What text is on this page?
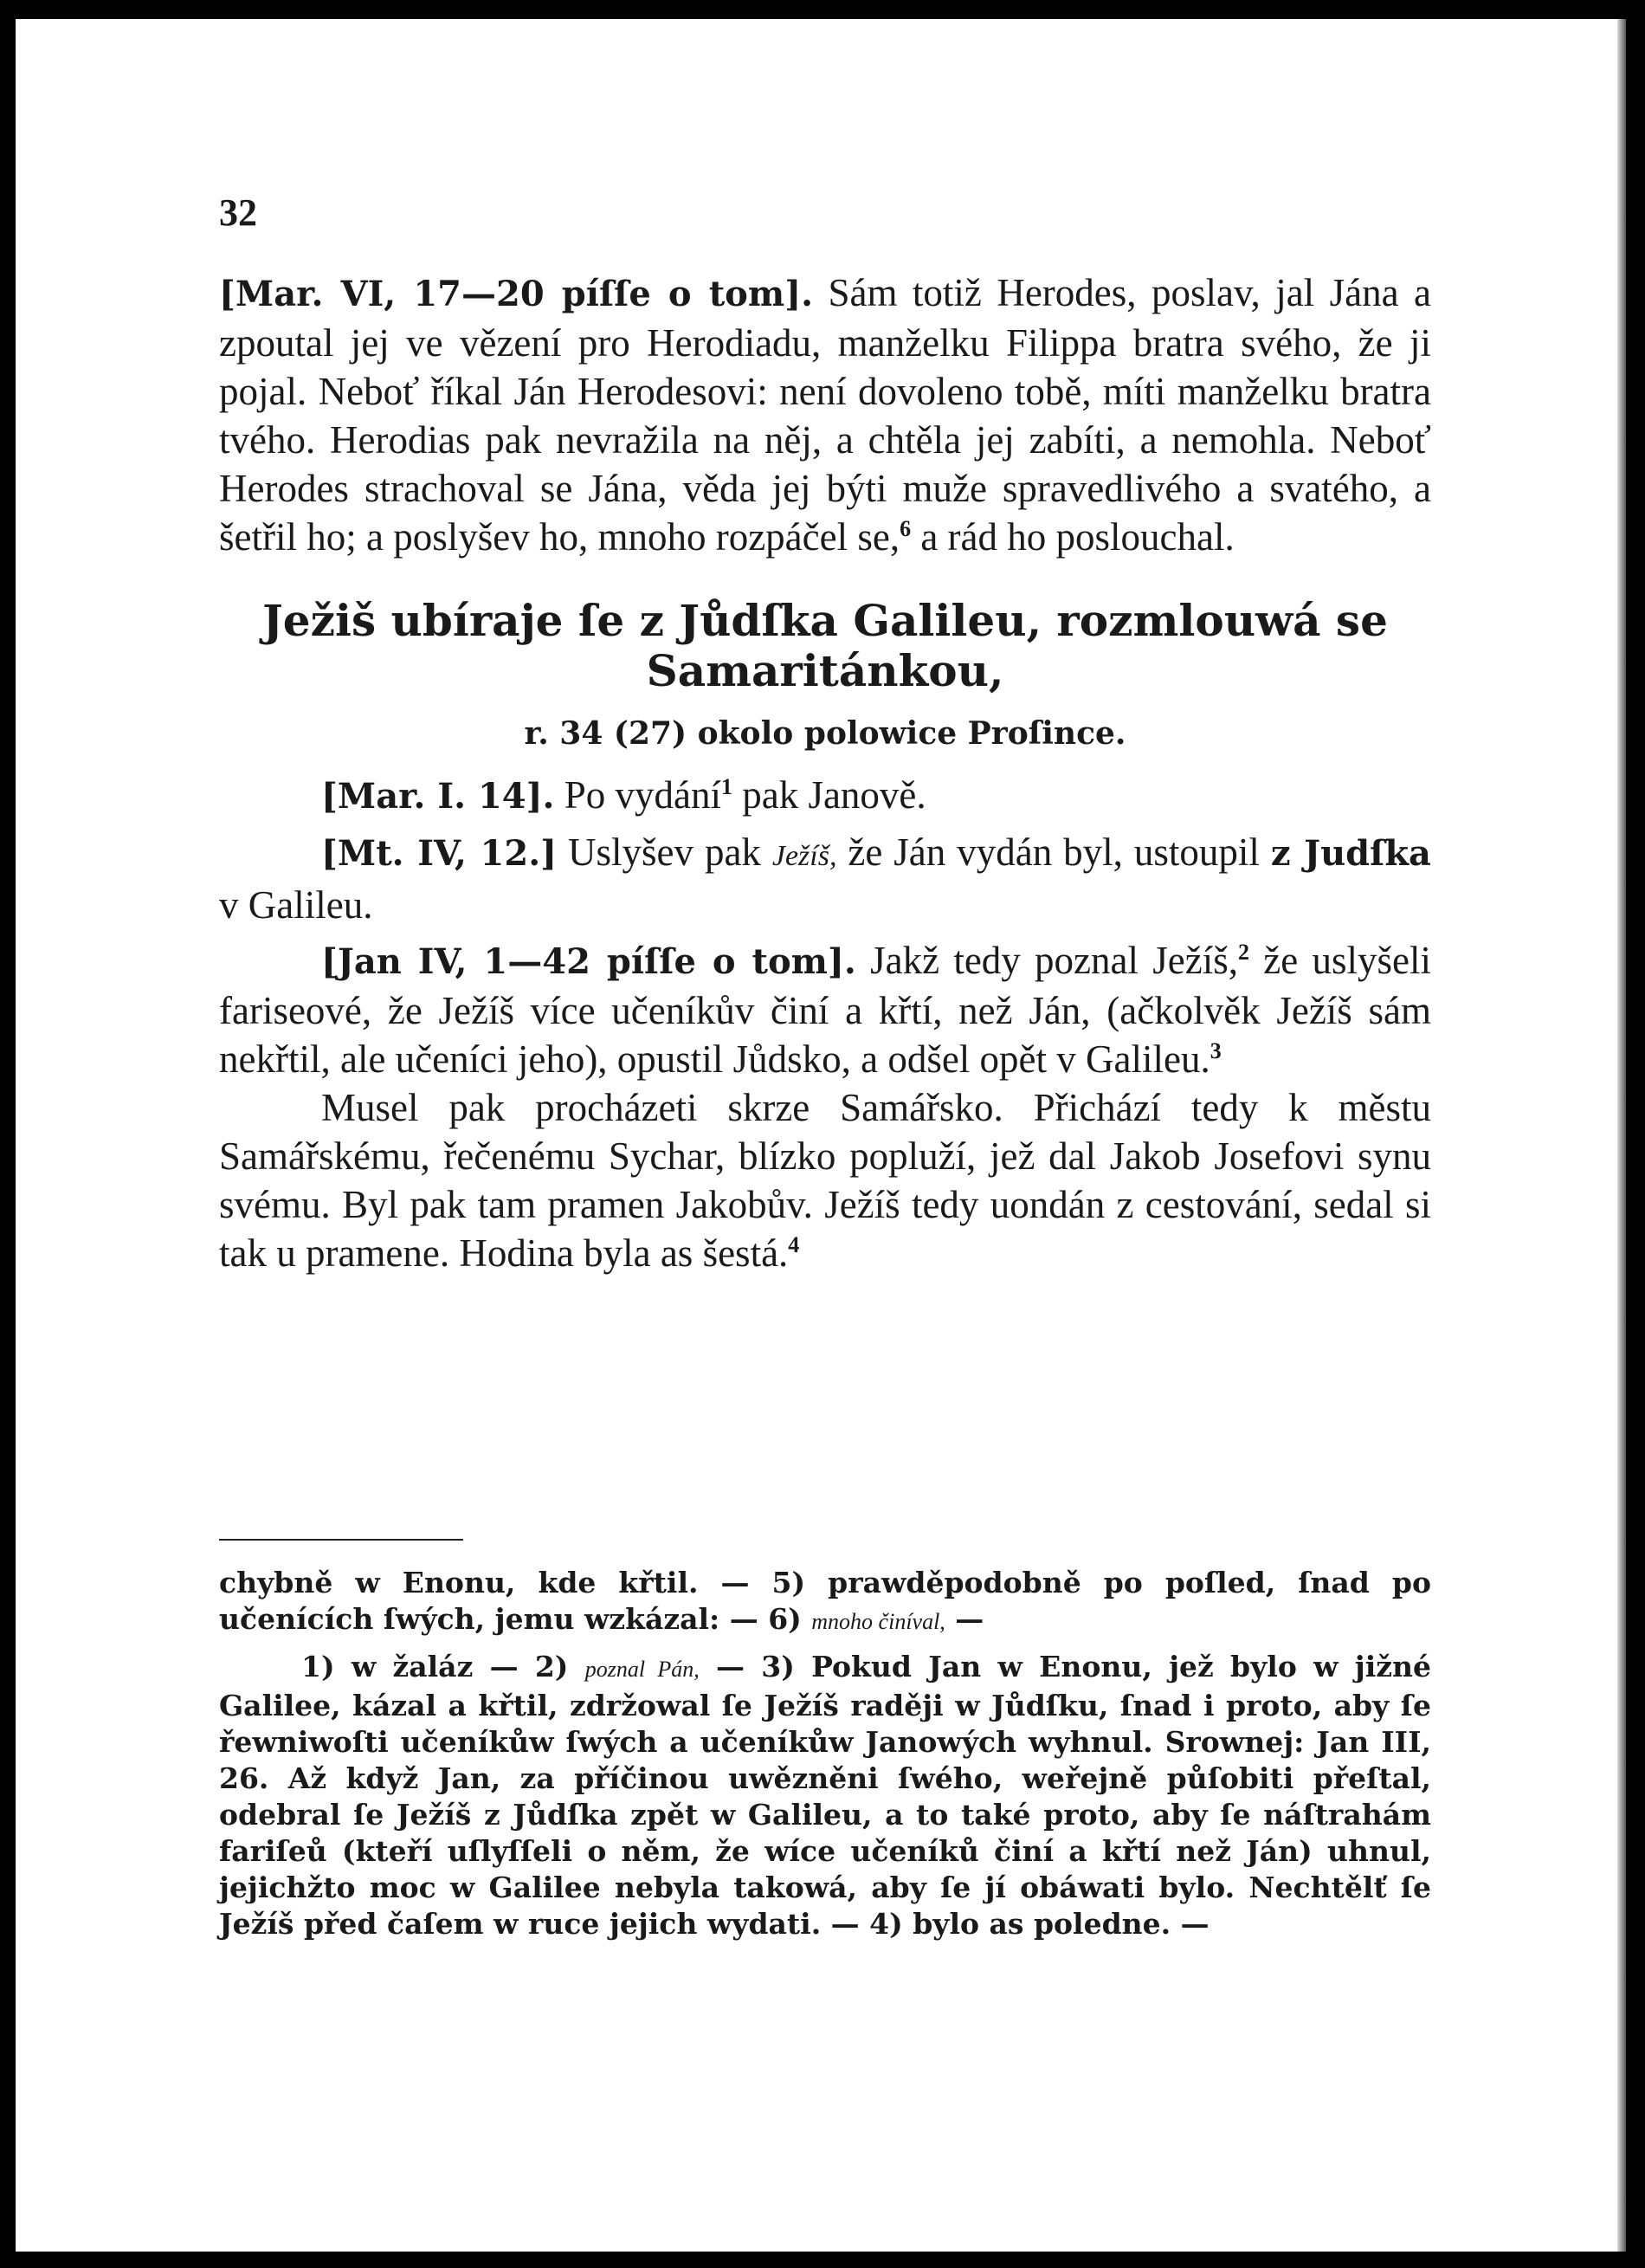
32

[Mar. VI, 17—20 píſſe o tom]. Sám totiž Herodes, poslav, jal Jána a zpoutal jej ve vězení pro Herodiadu, manželku Filippa bratra svého, že ji pojal. Neboť říkal Ján Herodesovi: není dovoleno tobě, míti manželku bratra tvého. Herodias pak nevražila na něj, a chtěla jej zabíti, a nemohla. Neboť Herodes strachoval se Jána, věda jej býti muže spravedlivého a svatého, a šetřil ho; a poslyšev ho, mnoho rozpáčel se,$^6$ a rád ho poslouchal.

Ježiš ubíraje ſe z Jůdſka Galileu, rozmlouwá se

Samaritánkou,

r. 34 (27) okolo polowice Proſince.

[Mar. I. 14]. Po vydání$^1$ pak Janově.

[Mt. IV, 12.] Uslyšev pak Ježíš, že Ján vydán byl, ustoupil z Judſka v Galileu.

[Jan IV, 1—42 píſſe o tom]. Jakž tedy poznal Ježíš,$^2$ že uslyšeli fariseové, že Ježíš více učeníkův činí a křtí, než Ján, (ačkolvěk Ježíš sám nekřtil, ale učeníci jeho), opustil Jůdsko, a odšel opět v Galileu.$^3$

Musel pak procházeti skrze Samářsko. Přichází tedy k městu Samářskému, řečenému Sychar, blízko popluží, jež dal Jakob Josefovi synu svému. Byl pak tam pramen Jakobův. Ježíš tedy uondán z cestování, sedal si tak u pramene. Hodina byla as šestá.$^4$

chybně w Enonu, kde křtil. — 5) prawděpodobně po poſled, ſnad po učenících ſwých, jemu wzkázal: — 6) mnoho činíval, —

1) w žaláz — 2) poznal Pán, — 3) Pokud Jan w Enonu, jež bylo w jižné Galilee, kázal a křtil, zdržowal ſe Ježíš raději w Jůdſku, ſnad i proto, aby ſe řewniwoſti učeníkůw ſwých a učeníkůw Janowých wyhnul. Srownej: Jan III, 26. Až když Jan, za příčinou uwězněni ſwého, weřejně půſobiti přeſtal, odebral ſe Ježíš z Jůdſka zpět w Galileu, a to také proto, aby ſe náſtrahám fariſeů (kteří uſlyſſeli o něm, že wíce učeníků činí a křtí než Ján) uhnul, jejichžto moc w Galilee nebyla takowá, aby ſe jí obáwati bylo. Nechtělť ſe Ježíš před čaſem w ruce jejich wydati. — 4) bylo as poledne. —
